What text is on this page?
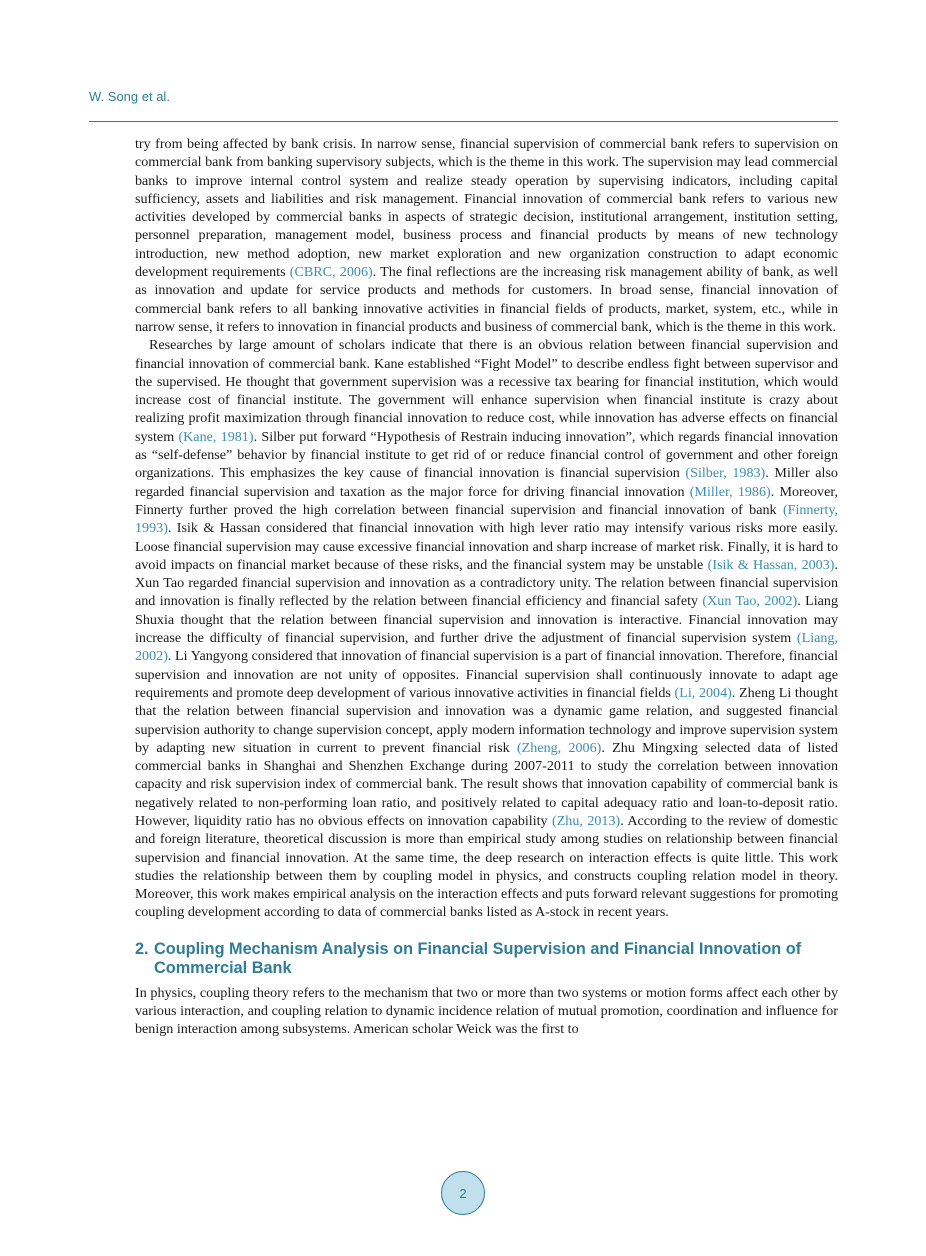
W. Song et al.

try from being affected by bank crisis. In narrow sense, financial supervision of commercial bank refers to supervision on commercial bank from banking supervisory subjects, which is the theme in this work. The supervision may lead commercial banks to improve internal control system and realize steady operation by supervising indicators, including capital sufficiency, assets and liabilities and risk management. Financial innovation of commercial bank refers to various new activities developed by commercial banks in aspects of strategic decision, institutional arrangement, institution setting, personnel preparation, management model, business process and financial products by means of new technology introduction, new method adoption, new market exploration and new organization construction to adapt economic development requirements (CBRC, 2006). The final reflections are the increasing risk management ability of bank, as well as innovation and update for service products and methods for customers. In broad sense, financial innovation of commercial bank refers to all banking innovative activities in financial fields of products, market, system, etc., while in narrow sense, it refers to innovation in financial products and business of commercial bank, which is the theme in this work.

Researches by large amount of scholars indicate that there is an obvious relation between financial supervision and financial innovation of commercial bank. Kane established “Fight Model” to describe endless fight between supervisor and the supervised. He thought that government supervision was a recessive tax bearing for financial institution, which would increase cost of financial institute. The government will enhance supervision when financial institute is crazy about realizing profit maximization through financial innovation to reduce cost, while innovation has adverse effects on financial system (Kane, 1981). Silber put forward “Hypothesis of Restrain inducing innovation”, which regards financial innovation as “self-defense” behavior by financial institute to get rid of or reduce financial control of government and other foreign organizations. This emphasizes the key cause of financial innovation is financial supervision (Silber, 1983). Miller also regarded financial supervision and taxation as the major force for driving financial innovation (Miller, 1986). Moreover, Finnerty further proved the high correlation between financial supervision and financial innovation of bank (Finnerty, 1993). Isik & Hassan considered that financial innovation with high lever ratio may intensify various risks more easily. Loose financial supervision may cause excessive financial innovation and sharp increase of market risk. Finally, it is hard to avoid impacts on financial market because of these risks, and the financial system may be unstable (Isik & Hassan, 2003). Xun Tao regarded financial supervision and innovation as a contradictory unity. The relation between financial supervision and innovation is finally reflected by the relation between financial efficiency and financial safety (Xun Tao, 2002). Liang Shuxia thought that the relation between financial supervision and innovation is interactive. Financial innovation may increase the difficulty of financial supervision, and further drive the adjustment of financial supervision system (Liang, 2002). Li Yangyong considered that innovation of financial supervision is a part of financial innovation. Therefore, financial supervision and innovation are not unity of opposites. Financial supervision shall continuously innovate to adapt age requirements and promote deep development of various innovative activities in financial fields (Li, 2004). Zheng Li thought that the relation between financial supervision and innovation was a dynamic game relation, and suggested financial supervision authority to change supervision concept, apply modern information technology and improve supervision system by adapting new situation in current to prevent financial risk (Zheng, 2006). Zhu Mingxing selected data of listed commercial banks in Shanghai and Shenzhen Exchange during 2007-2011 to study the correlation between innovation capacity and risk supervision index of commercial bank. The result shows that innovation capability of commercial bank is negatively related to non-performing loan ratio, and positively related to capital adequacy ratio and loan-to-deposit ratio. However, liquidity ratio has no obvious effects on innovation capability (Zhu, 2013). According to the review of domestic and foreign literature, theoretical discussion is more than empirical study among studies on relationship between financial supervision and financial innovation. At the same time, the deep research on interaction effects is quite little. This work studies the relationship between them by coupling model in physics, and constructs coupling relation model in theory. Moreover, this work makes empirical analysis on the interaction effects and puts forward relevant suggestions for promoting coupling development according to data of commercial banks listed as A-stock in recent years.

2. Coupling Mechanism Analysis on Financial Supervision and Financial Innovation of Commercial Bank

In physics, coupling theory refers to the mechanism that two or more than two systems or motion forms affect each other by various interaction, and coupling relation to dynamic incidence relation of mutual promotion, coordination and influence for benign interaction among subsystems. American scholar Weick was the first to

2
